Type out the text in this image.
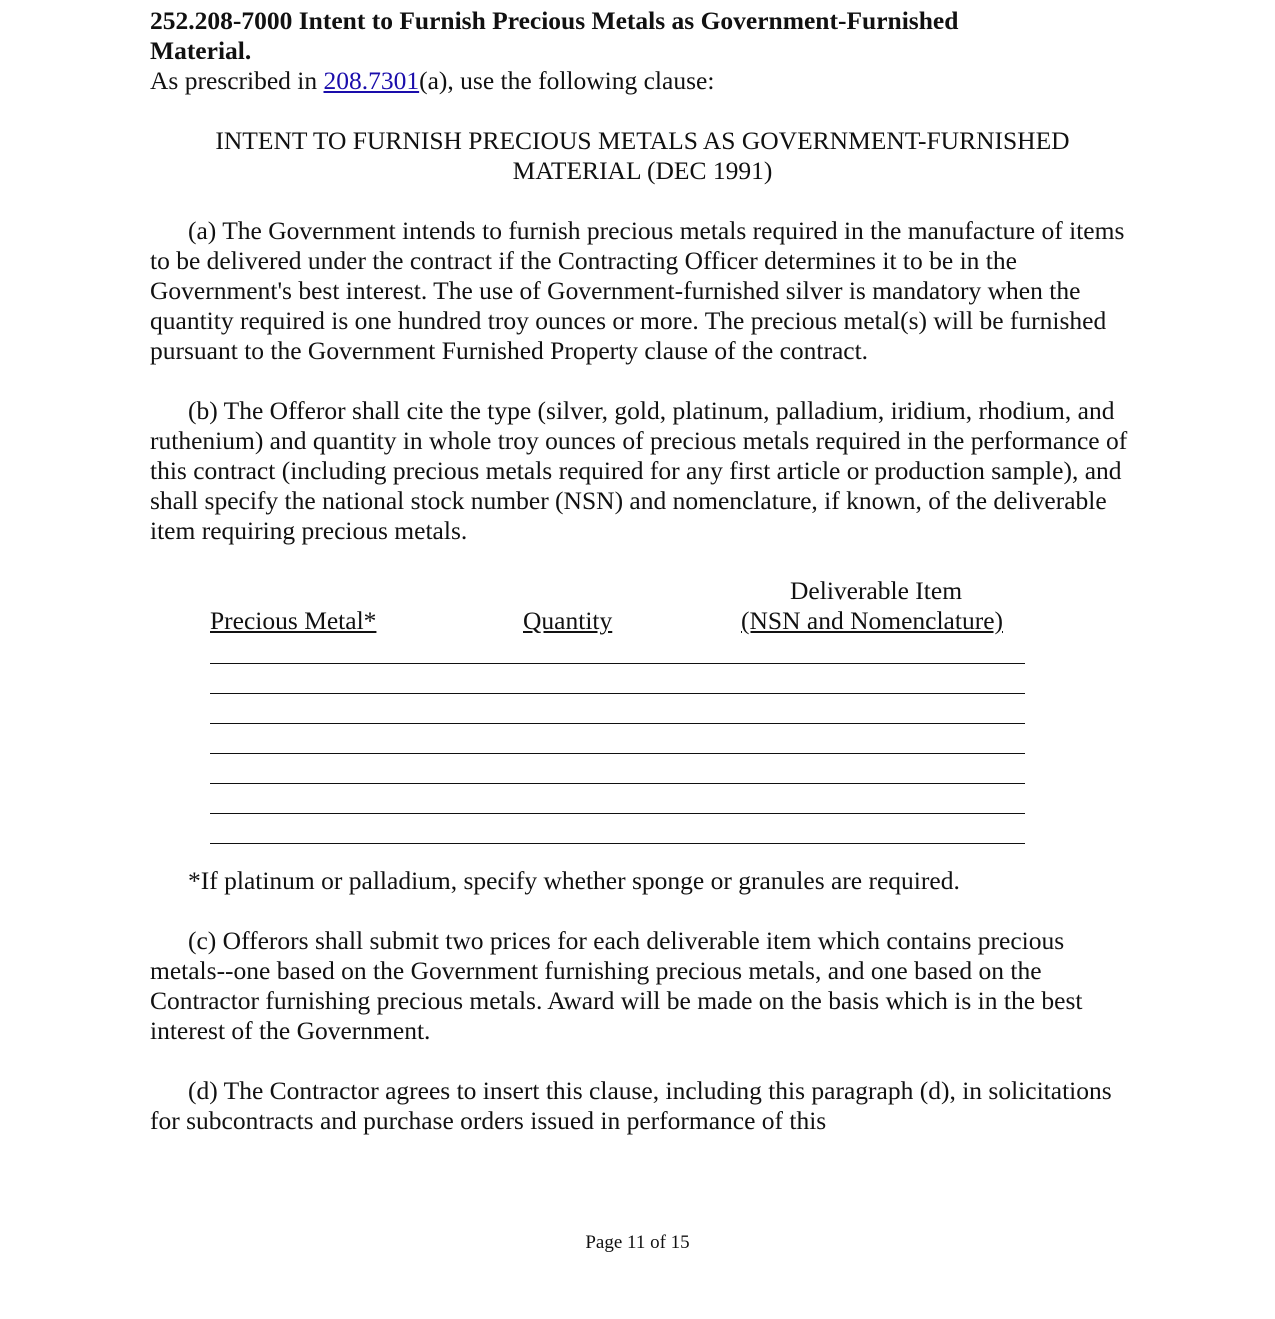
252.208-7000 Intent to Furnish Precious Metals as Government-Furnished
Material.

As prescribed in 208.7301(a), use the following clause:

INTENT TO FURNISH PRECIOUS METALS AS GOVERNMENT-FURNISHED
MATERIAL (DEC 1991)

(a) The Government intends to furnish precious metals required in the manufacture of items to be delivered under the contract if the Contracting Officer determines it to be in the Government's best interest. The use of Government-furnished silver is mandatory when the quantity required is one hundred troy ounces or more. The precious metal(s) will be furnished pursuant to the Government Furnished Property clause of the contract.

(b) The Offeror shall cite the type (silver, gold, platinum, palladium, iridium, rhodium, and ruthenium) and quantity in whole troy ounces of precious metals required in the performance of this contract (including precious metals required for any first article or production sample), and shall specify the national stock number (NSN) and nomenclature, if known, of the deliverable item requiring precious metals.

Deliverable Item
Precious Metal*	Quantity	(NSN and Nomenclature)

*If platinum or palladium, specify whether sponge or granules are required.

(c) Offerors shall submit two prices for each deliverable item which contains precious metals--one based on the Government furnishing precious metals, and one based on the Contractor furnishing precious metals. Award will be made on the basis which is in the best interest of the Government.

(d) The Contractor agrees to insert this clause, including this paragraph (d), in solicitations for subcontracts and purchase orders issued in performance of this

Page 11 of 15
